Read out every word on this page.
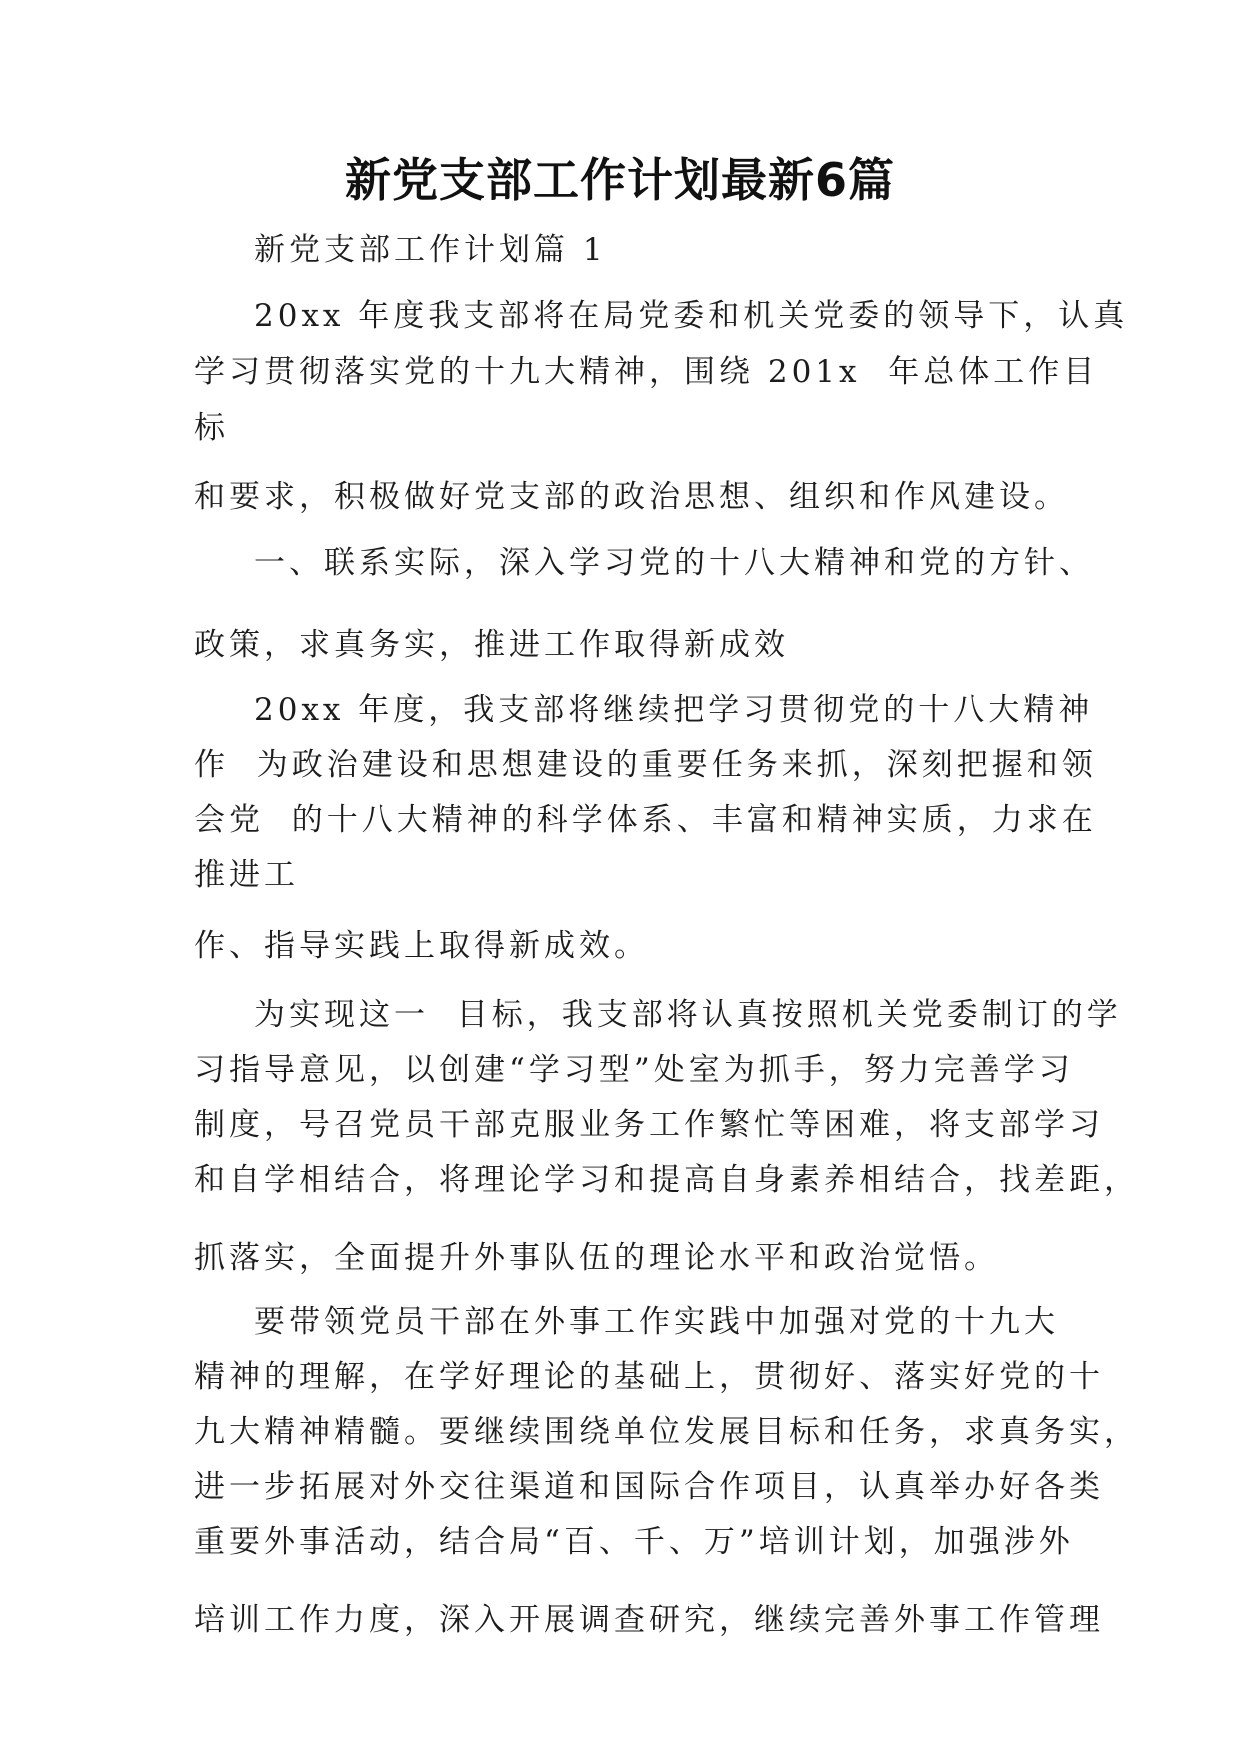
新党支部工作计划最新6篇
新党支部工作计划篇 1
20xx 年度我支部将在局党委和机关党委的领导下，认真
学习贯彻落实党的十九大精神，围绕 201x  年总体工作目
标
和要求，积极做好党支部的政治思想、组织和作风建设。
一、联系实际，深入学习党的十八大精神和党的方针、
政策，求真务实，推进工作取得新成效
20xx 年度，我支部将继续把学习贯彻党的十八大精神
作  为政治建设和思想建设的重要任务来抓，深刻把握和领
会党  的十八大精神的科学体系、丰富和精神实质，力求在
推进工
作、指导实践上取得新成效。
为实现这一  目标，我支部将认真按照机关党委制订的学
习指导意见，以创建“学习型”处室为抓手，努力完善学习
制度，号召党员干部克服业务工作繁忙等困难，将支部学习
和自学相结合，将理论学习和提高自身素养相结合，找差距，
抓落实，全面提升外事队伍的理论水平和政治觉悟。
要带领党员干部在外事工作实践中加强对党的十九大
精神的理解，在学好理论的基础上，贯彻好、落实好党的十
九大精神精髓。要继续围绕单位发展目标和任务，求真务实，
进一步拓展对外交往渠道和国际合作项目，认真举办好各类
重要外事活动，结合局“百、千、万”培训计划，加强涉外
培训工作力度，深入开展调查研究，继续完善外事工作管理
